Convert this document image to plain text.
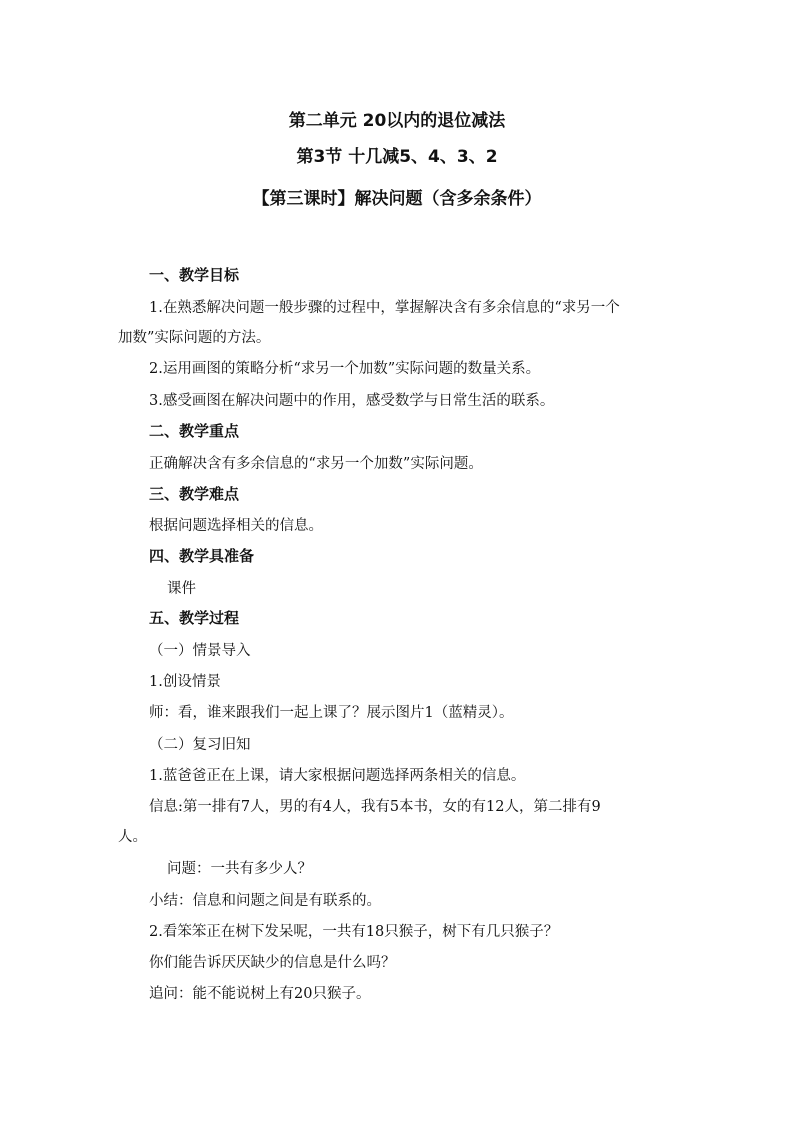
第二单元 20以内的退位减法
第3节 十几减5、4、3、2
【第三课时】解决问题（含多余条件）
一、教学目标
1.在熟悉解决问题一般步骤的过程中，掌握解决含有多余信息的“求另一个
加数”实际问题的方法。
2.运用画图的策略分析“求另一个加数”实际问题的数量关系。
3.感受画图在解决问题中的作用，感受数学与日常生活的联系。
二、教学重点
正确解决含有多余信息的“求另一个加数”实际问题。
三、教学难点
根据问题选择相关的信息。
四、教学具准备
课件
五、教学过程
（一）情景导入
1.创设情景
师：看，谁来跟我们一起上课了？展示图片1（蓝精灵）。
（二）复习旧知
1.蓝爸爸正在上课，请大家根据问题选择两条相关的信息。
信息:第一排有7人，男的有4人，我有5本书，女的有12人，第二排有9
人。
问题：一共有多少人？
小结：信息和问题之间是有联系的。
2.看笨笨正在树下发呆呢，一共有18只猴子，树下有几只猴子？
你们能告诉厌厌缺少的信息是什么吗？
追问：能不能说树上有20只猴子。
